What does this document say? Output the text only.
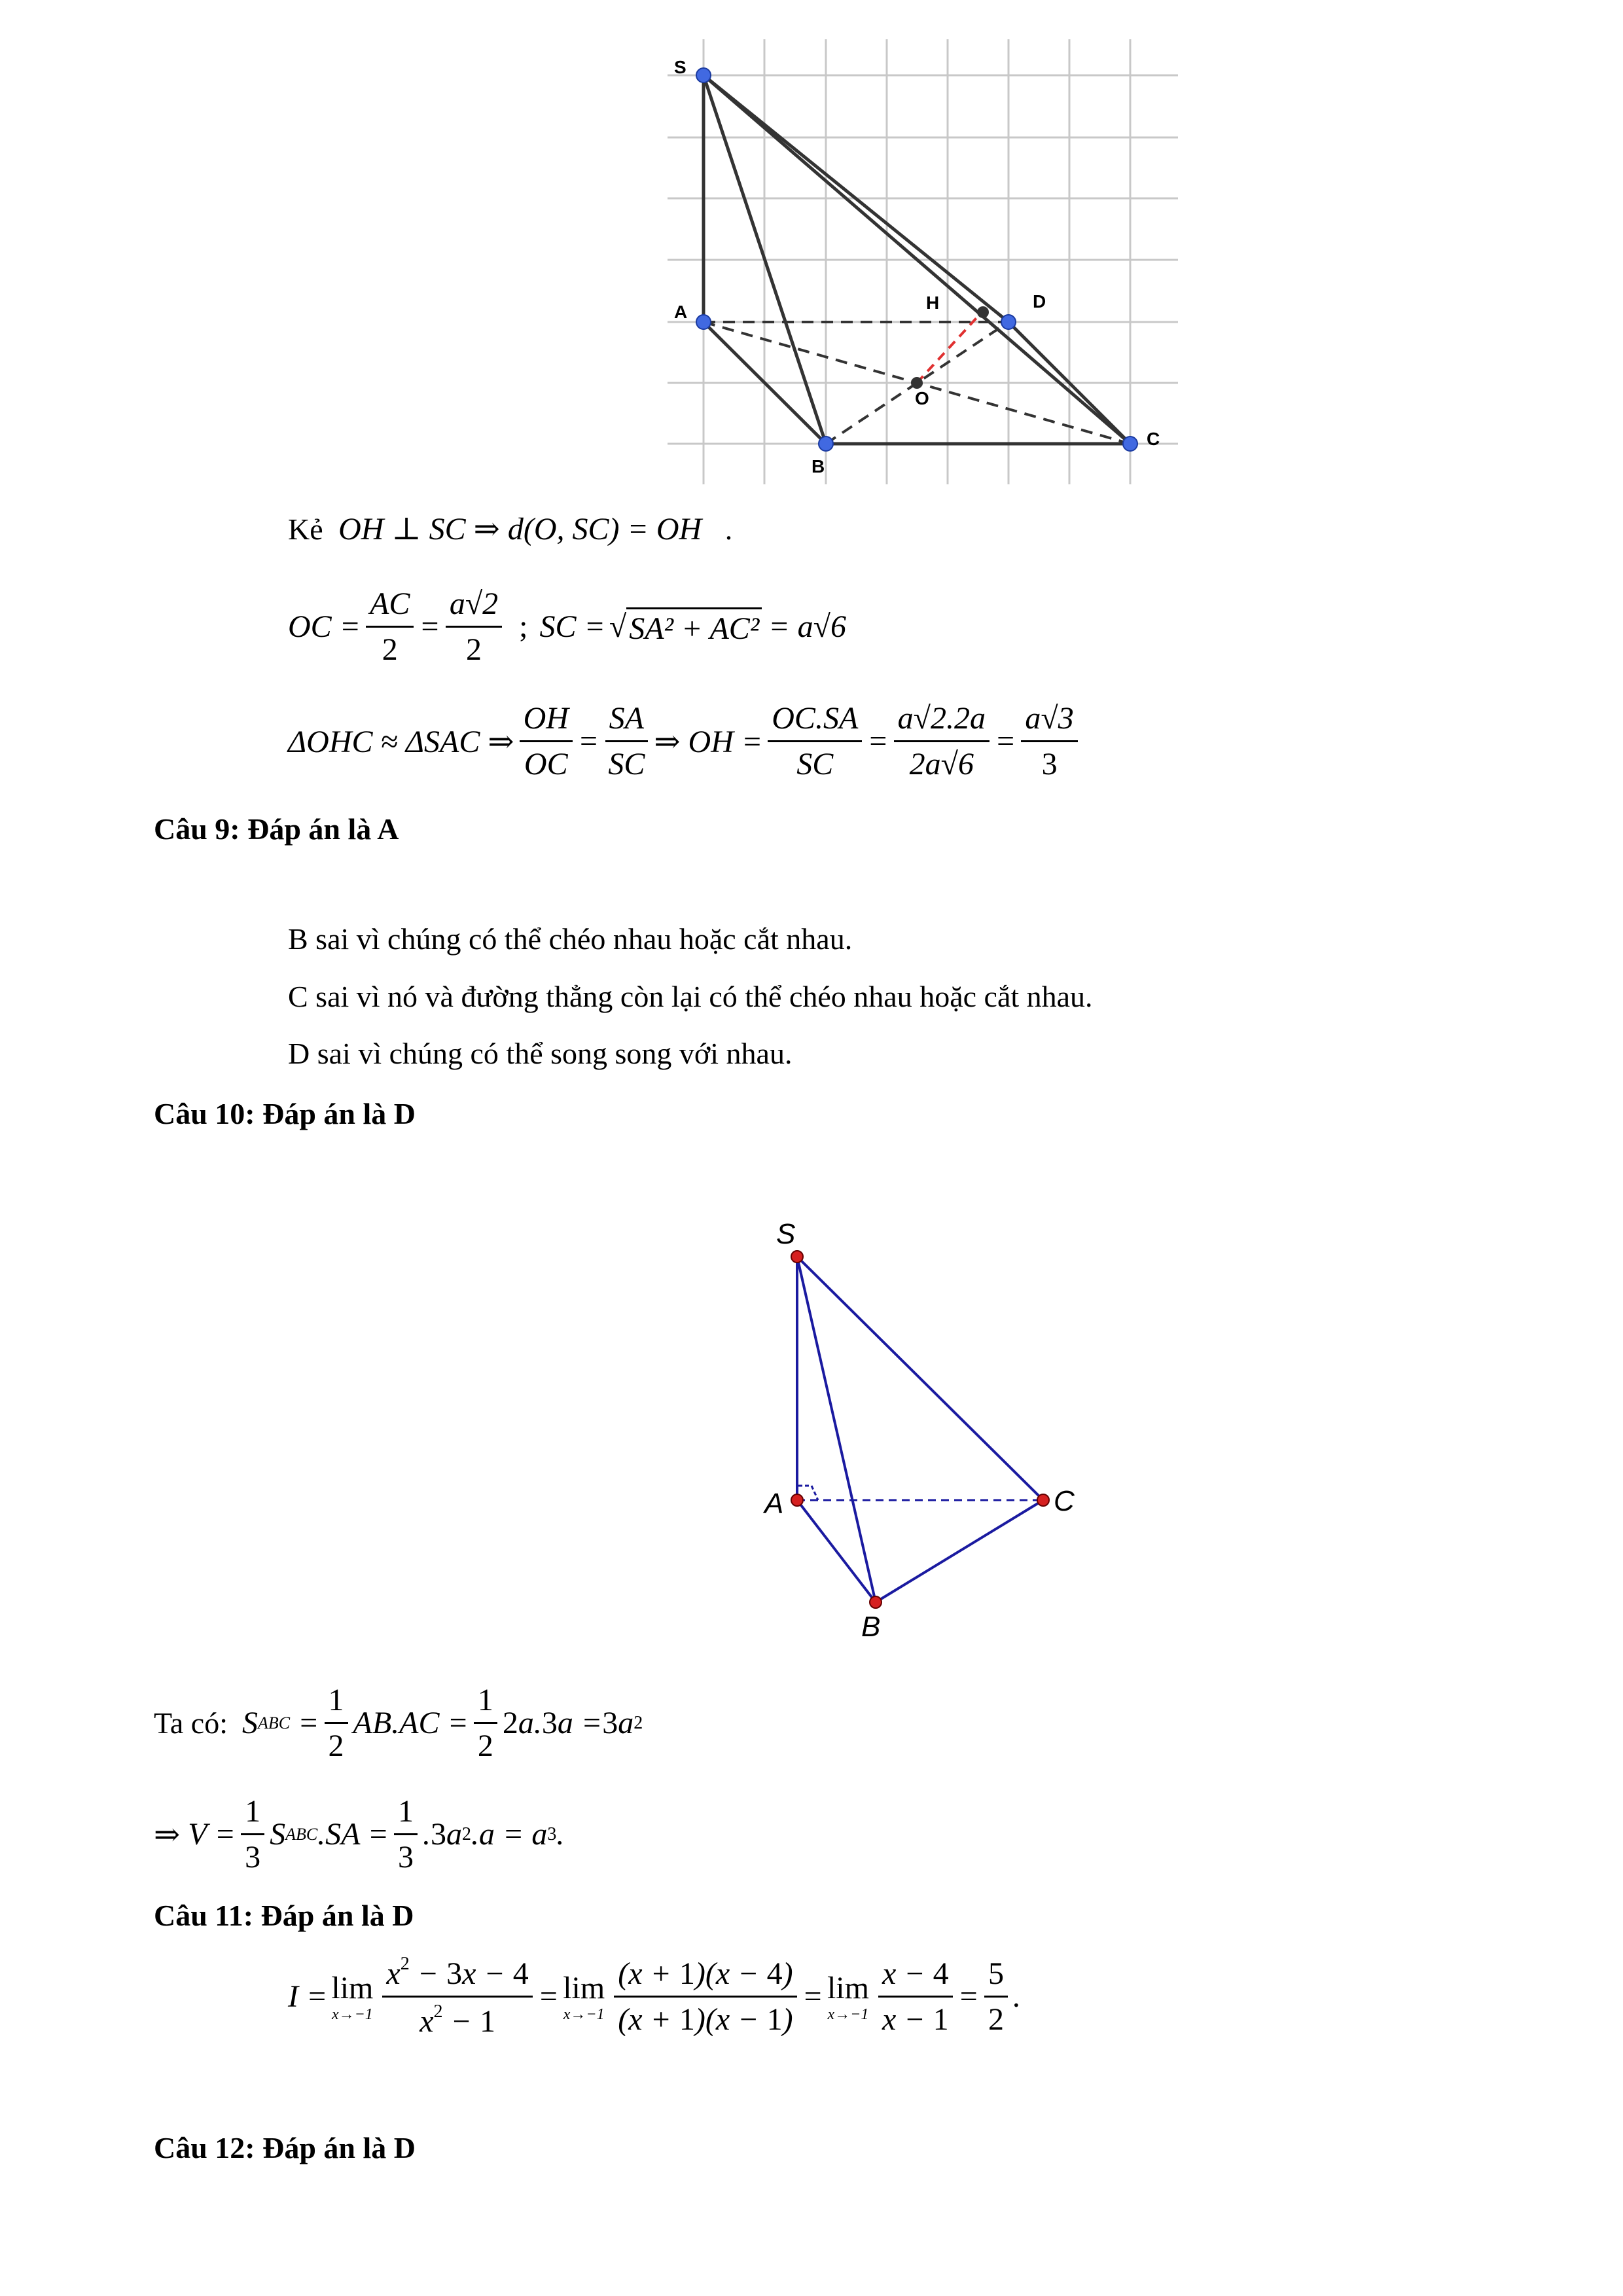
S
A
B
C
D
H
O
Kẻ OH ⊥ SC ⇒ d(O, SC) = OH .
OC = $\frac{AC}{2} = \frac{a√2}{2}$ ; SC = √ SA² + AC² = a√6
ΔOHC ≈ ΔSAC ⇒ $\frac{OH}{OC} = \frac{SA}{SC}$ ⇒ OH = $\frac{OC.SA}{SC} = \frac{a√2.2a}{2a√6} = \frac{a√3}{3}$
Câu 9: Đáp án là A
B sai vì chúng có thể chéo nhau hoặc cắt nhau.
C sai vì nó và đường thẳng còn lại có thể chéo nhau hoặc cắt nhau.
D sai vì chúng có thể song song với nhau.
Câu 10: Đáp án là D
S
A
B
C
Ta có: S ABC = $\frac{1}{2} AB.AC = \frac{1}{2} 2$ a. 3 a = 3 a 2
⇒ $V = \frac{1}{3}$ S ABC $.SA = \frac{1}{3}$ . 3 a 2 .a = a 3 .
Câu 11: Đáp án là D
I = lim
$x\to-1 \frac{x^2 - 3x - 4}{x^2 - 1} = \lim$
$x\to-1 \frac{(x + 1)(x - 4)}{(x + 1)(x - 1)} = \lim$
$x\to-1 \frac{x - 4}{x - 1} = \frac{5}{2}$ .
Câu 12: Đáp án là D
